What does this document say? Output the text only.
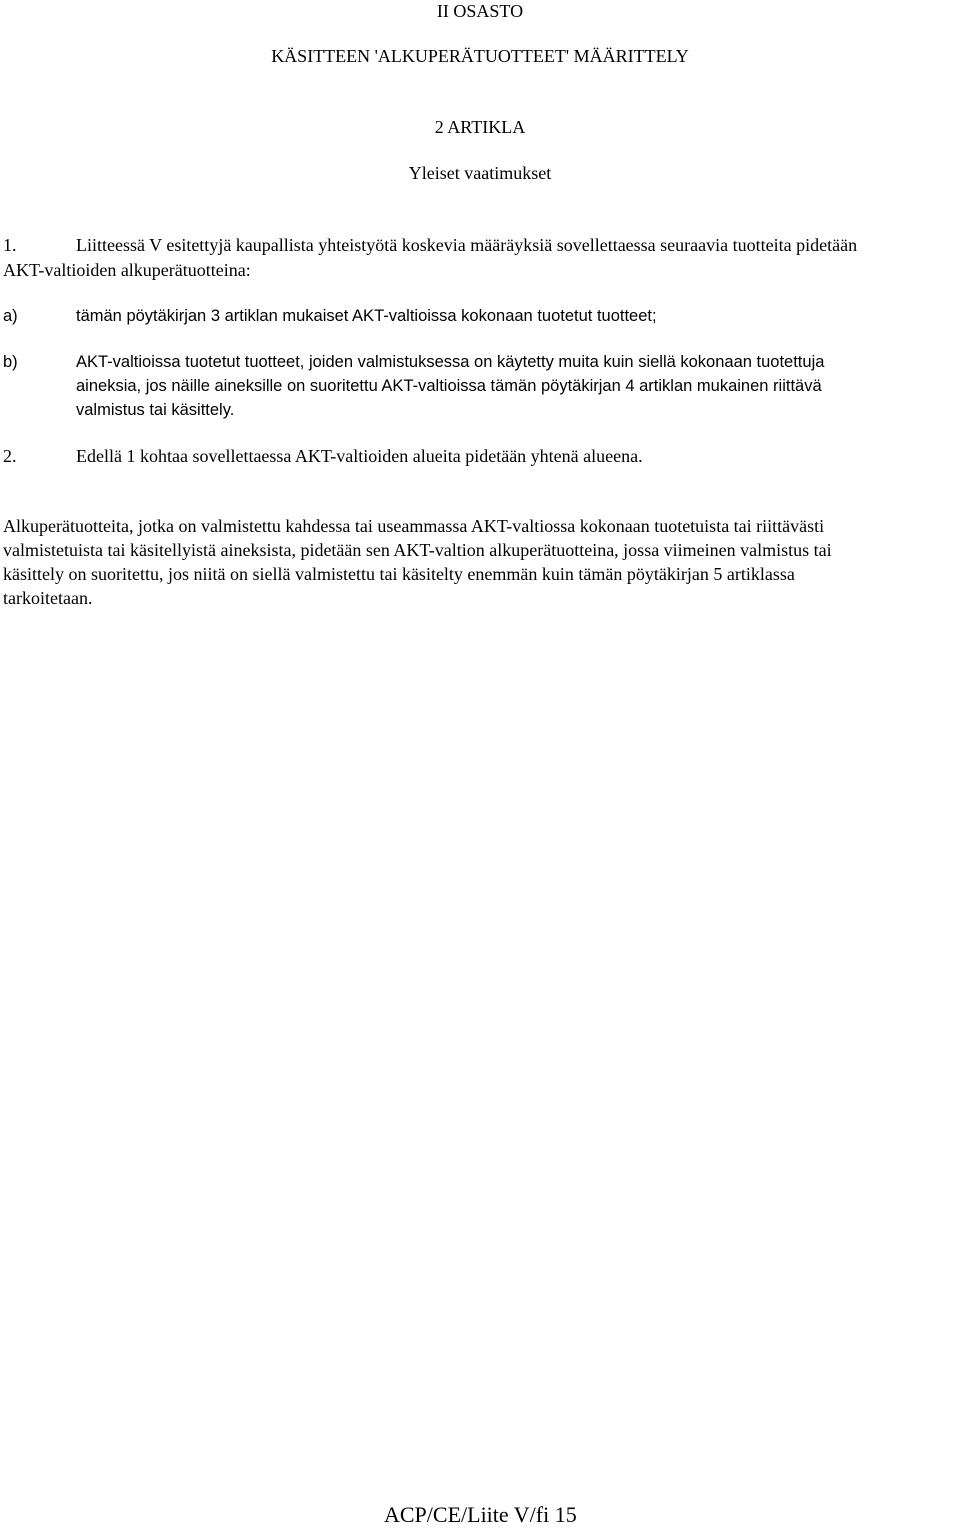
II OSASTO
KÄSITTEEN 'ALKUPERÄTUOTTEET' MÄÄRITTELY
2 ARTIKLA
Yleiset vaatimukset
1.	Liitteessä V esitettyjä kaupallista yhteistyötä koskevia määräyksiä sovellettaessa seuraavia tuotteita pidetään
AKT-valtioiden alkuperätuotteina:
a)	tämän pöytäkirjan 3 artiklan mukaiset AKT-valtioissa kokonaan tuotetut tuotteet;
b)	AKT-valtioissa tuotetut tuotteet, joiden valmistuksessa on käytetty muita kuin siellä kokonaan tuotettuja
aineksia, jos näille aineksille on suoritettu AKT-valtioissa tämän pöytäkirjan 4 artiklan mukainen riittävä
valmistus tai käsittely.
2.	Edellä 1 kohtaa sovellettaessa AKT-valtioiden alueita pidetään yhtenä alueena.
Alkuperätuotteita, jotka on valmistettu kahdessa tai useammassa AKT-valtiossa kokonaan tuotetuista tai riittävästi
valmistetuista tai käsitellyistä aineksista, pidetään sen AKT-valtion alkuperätuotteina, jossa viimeinen valmistus tai
käsittely on suoritettu, jos niitä on siellä valmistettu tai käsitelty enemmän kuin tämän pöytäkirjan 5 artiklassa
tarkoitetaan.
ACP/CE/Liite V/fi 15
